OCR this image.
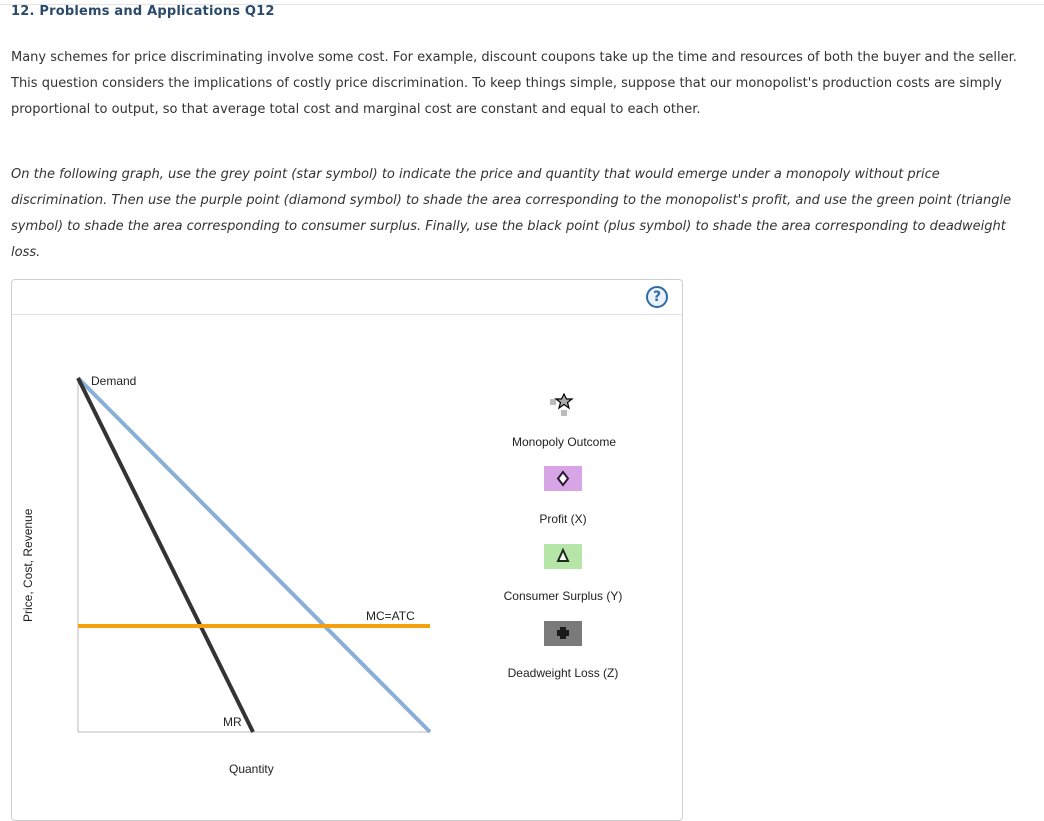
12. Problems and Applications Q12

Many schemes for price discriminating involve some cost. For example, discount coupons take up the time and resources of both the buyer and the seller. This question considers the implications of costly price discrimination. To keep things simple, suppose that our monopolist's production costs are simply proportional to output, so that average total cost and marginal cost are constant and equal to each other.

On the following graph, use the grey point (star symbol) to indicate the price and quantity that would emerge under a monopoly without price discrimination. Then use the purple point (diamond symbol) to shade the area corresponding to the monopolist's profit, and use the green point (triangle symbol) to shade the area corresponding to consumer surplus. Finally, use the black point (plus symbol) to shade the area corresponding to deadweight loss.

?
Demand
MR
MC=ATC
Quantity
Price, Cost, Revenue
Monopoly Outcome
Profit (X)
Consumer Surplus (Y)
Deadweight Loss (Z)
